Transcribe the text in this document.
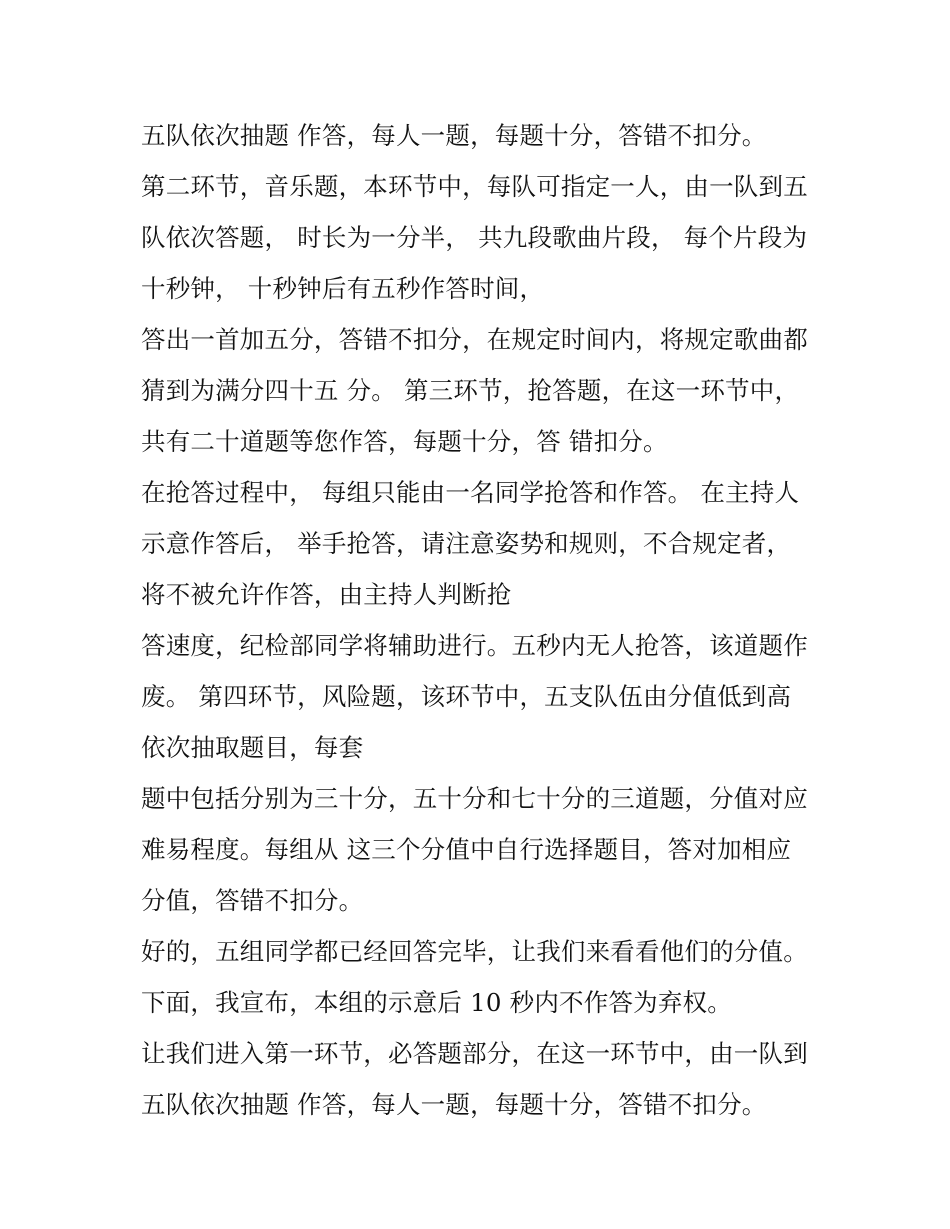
五队依次抽题 作答，每人一题，每题十分，答错不扣分。
第二环节，音乐题，本环节中，每队可指定一人，由一队到五
队依次答题， 时长为一分半， 共九段歌曲片段， 每个片段为
十秒钟， 十秒钟后有五秒作答时间，
答出一首加五分，答错不扣分，在规定时间内，将规定歌曲都
猜到为满分四十五 分。 第三环节，抢答题，在这一环节中，
共有二十道题等您作答，每题十分，答 错扣分。
在抢答过程中， 每组只能由一名同学抢答和作答。 在主持人
示意作答后， 举手抢答，请注意姿势和规则，不合规定者，
将不被允许作答，由主持人判断抢
答速度，纪检部同学将辅助进行。五秒内无人抢答，该道题作
废。 第四环节，风险题，该环节中，五支队伍由分值低到高
依次抽取题目，每套
题中包括分别为三十分，五十分和七十分的三道题，分值对应
难易程度。每组从 这三个分值中自行选择题目，答对加相应
分值，答错不扣分。
好的，五组同学都已经回答完毕，让我们来看看他们的分值。
下面，我宣布，本组的示意后 10 秒内不作答为弃权。
让我们进入第一环节，必答题部分，在这一环节中，由一队到
五队依次抽题 作答，每人一题，每题十分，答错不扣分。
